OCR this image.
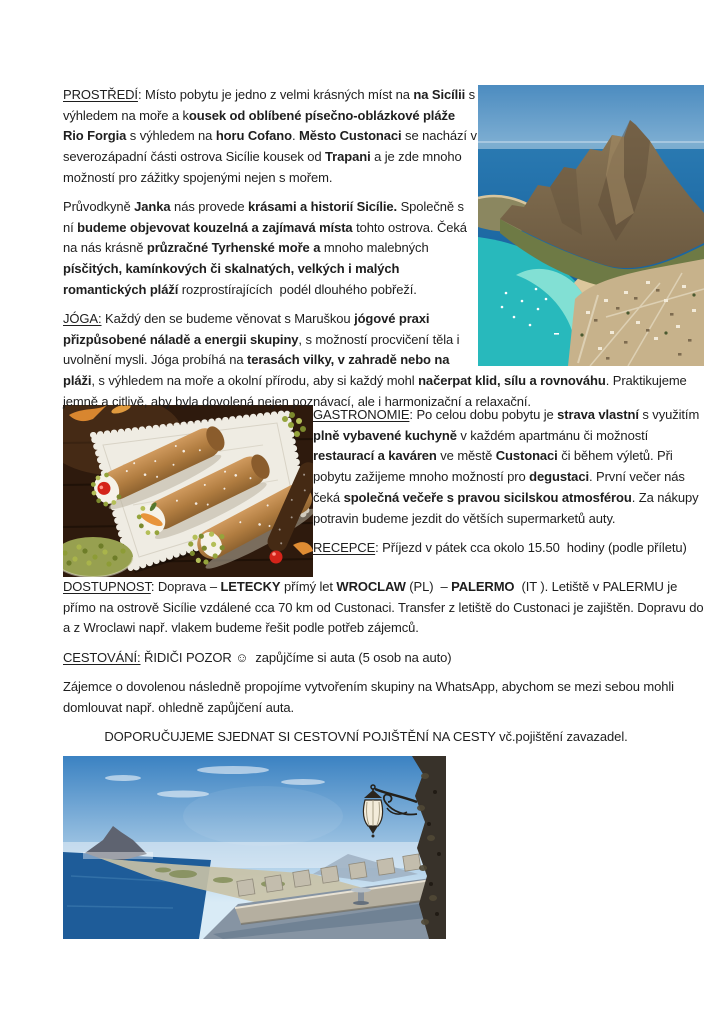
PROSTŘEDÍ: Místo pobytu je jedno z velmi krásných míst na na Sicílii s výhledem na moře a kousek od oblíbené písečno-oblázkové pláže Rio Forgia s výhledem na horu Cofano. Město Custonaci se nachází v severozápadní části ostrova Sicílie kousek od Trapani a je zde mnoho možností pro zážitky spojenými nejen s mořem.

Průvodkyně Janka nás provede krásami a historií Sicílie. Společně s ní budeme objevovat kouzelná a zajímavá místa tohto ostrova. Čeká na nás krásně průzračné Tyrhenské moře a mnoho malebných  písčitých, kamínkových či skalnatých, velkých i malých romantických pláží rozprostírajících  podél dlouhého pobřeží.

JÓGA: Každý den se budeme věnovat s Maruškou jógové praxi přizpůsobené náladě a energii skupiny, s možností procvičení těla i uvolnění mysli. Jóga probíhá na terasách vilky, v zahradě nebo na pláži, s výhledem na moře a okolní přírodu, aby si každý mohl načerpat klid, sílu a rovnováhu. Praktikujeme jemně a citlivě, aby byla dovolená nejen poznávací, ale i harmonizační a relaxační.

GASTRONOMIE: Po celou dobu pobytu je strava vlastní s využitím plně vybavené kuchyně v každém apartmánu či možností restaurací a kaváren ve městě Custonaci či během výletů. Při pobytu zažijeme mnoho možností pro degustaci. První večer nás čeká společná večeře s pravou sicilskou atmosférou. Za nákupy potravin budeme jezdit do větších supermarketů auty.

RECEPCE: Příjezd v pátek cca okolo 15.50  hodiny (podle příletu)

DOSTUPNOST: Doprava – LETECKY přímý let WROCLAW (PL)  – PALERMO  (IT ). Letiště v PALERMU je přímo na ostrově Sicílie vzdálené cca 70 km od Custonaci. Transfer z letiště do Custonaci je zajištěn. Dopravu do a z Wroclawi např. vlakem budeme řešit podle potřeb zájemců.

CESTOVÁNÍ: ŘIDIČI POZOR ☺  zapůjčíme si auta (5 osob na auto)

Zájemce o dovolenou následně propojíme vytvořením skupiny na WhatsApp, abychom se mezi sebou mohli domlouvat např. ohledně zapůjčení auta.

DOPORUČUJEME SJEDNAT SI CESTOVNÍ POJIŠTĚNÍ NA CESTY vč.pojištění zavazadel.
